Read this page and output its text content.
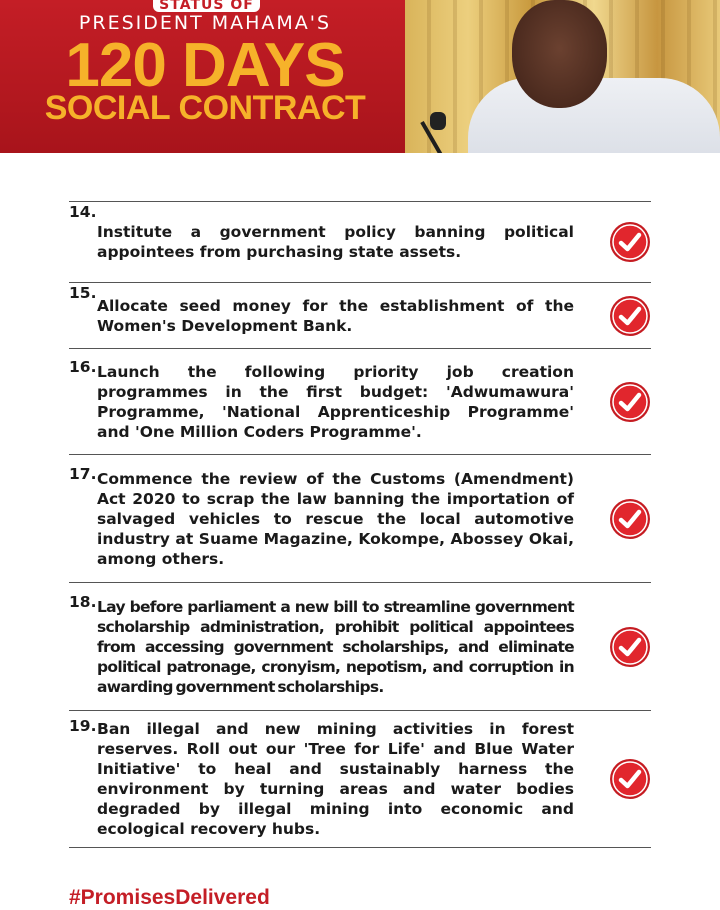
STATUS OF
PRESIDENT MAHAMA'S
120 DAYS
SOCIAL CONTRACT
14.
Institute a government policy banning political appointees from purchasing state assets.
15.
Allocate seed money for the establishment of the Women's Development Bank.
16. Launch the following priority job creation programmes in the first budget: 'Adwumawura' Programme, 'National Apprenticeship Programme' and 'One Million Coders Programme'.
17. Commence the review of the Customs (Amendment) Act 2020 to scrap the law banning the importation of salvaged vehicles to rescue the local automotive industry at Suame Magazine, Kokompe, Abossey Okai, among others.
18. Lay before parliament a new bill to streamline government scholarship administration, prohibit political appointees from accessing government scholarships, and eliminate political patronage, cronyism, nepotism, and corruption in awarding government scholarships.
19. Ban illegal and new mining activities in forest reserves. Roll out our 'Tree for Life' and Blue Water Initiative' to heal and sustainably harness the environment by turning areas and water bodies degraded by illegal mining into economic and ecological recovery hubs.
#PromisesDelivered
